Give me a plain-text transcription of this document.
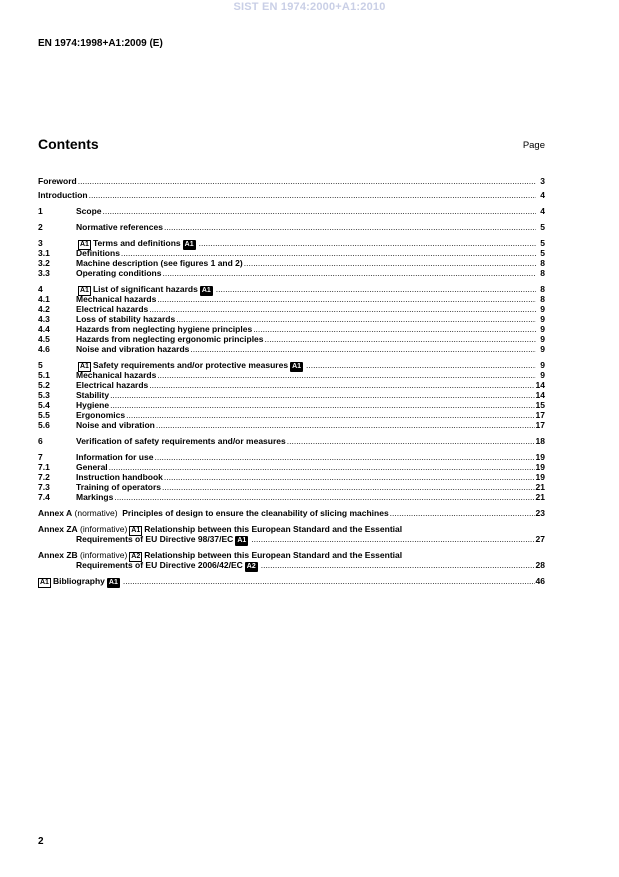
SIST EN 1974:2000+A1:2010
EN 1974:1998+A1:2009 (E)
Contents	Page
Foreword .....	3
Introduction .....	4
1	Scope .....	4
2	Normative references .....	5
3	A1 Terms and definitions A1 .....	5
3.1	Definitions .....	5
3.2	Machine description (see figures 1 and 2) .....	8
3.3	Operating conditions .....	8
4	A1 List of significant hazards A1 .....	8
4.1	Mechanical hazards .....	8
4.2	Electrical hazards .....	9
4.3	Loss of stability hazards .....	9
4.4	Hazards from neglecting hygiene principles .....	9
4.5	Hazards from neglecting ergonomic principles .....	9
4.6	Noise and vibration hazards .....	9
5	A1 Safety requirements and/or protective measures A1 .....	9
5.1	Mechanical hazards .....	9
5.2	Electrical hazards .....	14
5.3	Stability .....	14
5.4	Hygiene .....	15
5.5	Ergonomics .....	17
5.6	Noise and vibration .....	17
6	Verification of safety requirements and/or measures .....	18
7	Information for use .....	19
7.1	General .....	19
7.2	Instruction handbook .....	19
7.3	Training of operators .....	21
7.4	Markings .....	21
Annex A
(normative)
Principles of design to ensure the cleanability of slicing machines .....	23
Annex ZA
(informative) A1 Relationship between this European Standard and the Essential
Requirements of EU Directive 98/37/EC A1 .....	27
Annex ZB
(informative) A2 Relationship between this European Standard and the Essential
Requirements of EU Directive 2006/42/EC A2 .....	28
A1 Bibliography A1 .....	46
2
